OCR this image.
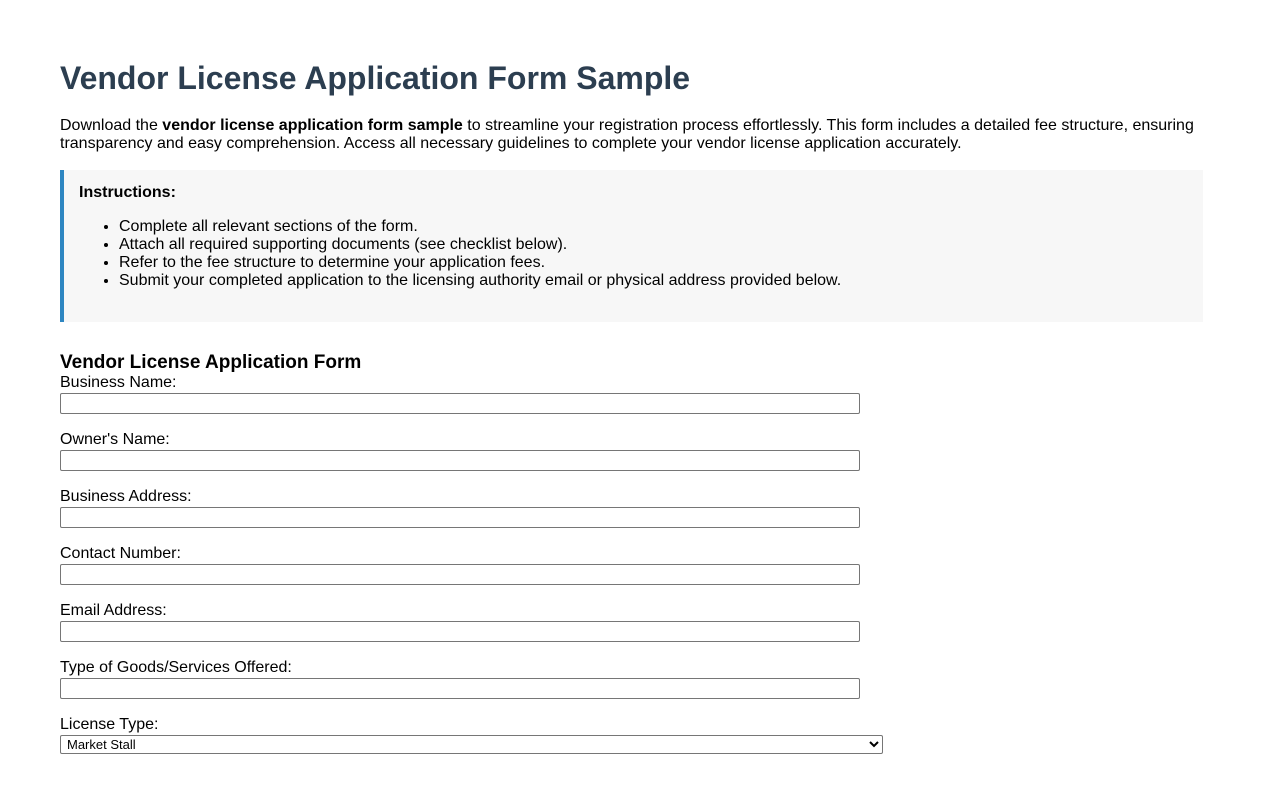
Vendor License Application Form Sample

Download the vendor license application form sample to streamline your registration process effortlessly. This form includes a detailed fee structure, ensuring transparency and easy comprehension. Access all necessary guidelines to complete your vendor license application accurately.

Instructions:

• Complete all relevant sections of the form.
• Attach all required supporting documents (see checklist below).
• Refer to the fee structure to determine your application fees.
• Submit your completed application to the licensing authority email or physical address provided below.
Vendor License Application Form
Business Name:
Owner's Name:
Business Address:
Contact Number:
Email Address:
Type of Goods/Services Offered:
License Type:
Market Stall
